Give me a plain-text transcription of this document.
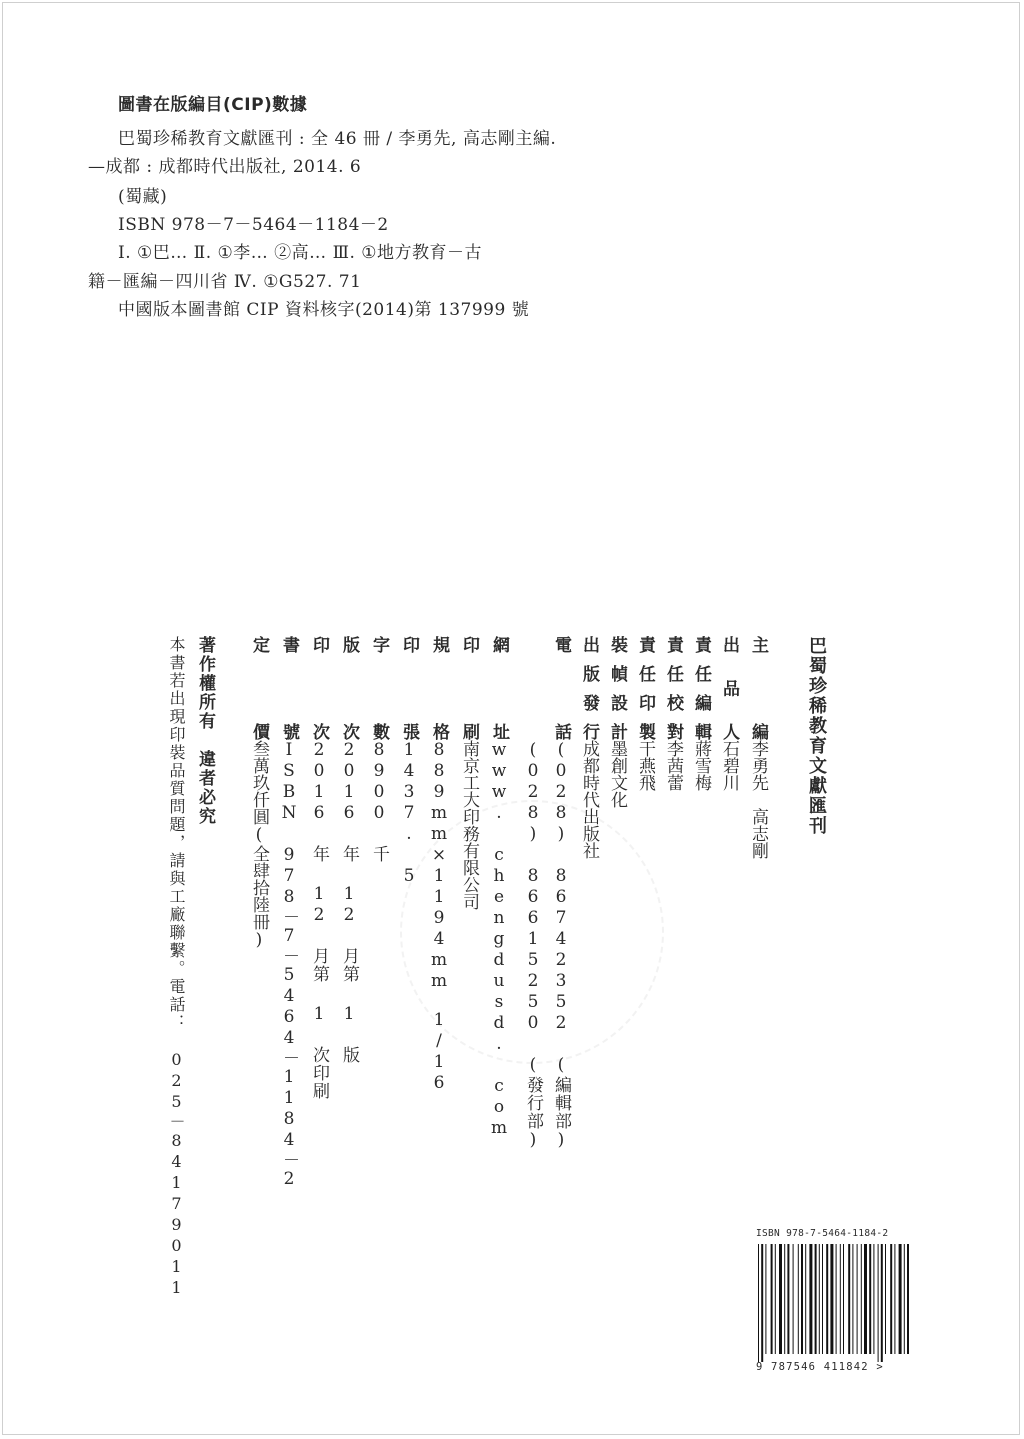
圖書在版編目(CIP)數據
巴蜀珍稀教育文獻匯刊 : 全 46 冊 / 李勇先, 高志剛主編.
—成都 : 成都時代出版社, 2014. 6
(蜀藏)
ISBN 978－7－5464－1184－2
Ⅰ. ①巴… Ⅱ. ①李… ②高… Ⅲ. ①地方教育－古
籍－匯編－四川省 Ⅳ. ①G527. 71
中國版本圖書館 CIP 資料核字(2014)第 137999 號
巴蜀珍稀教育文獻匯刊
主　　編李勇先　高志剛
出 品 人石碧川
責任編輯蔣雪梅
責任校對李茜蕾
責任印製干燕飛
裝幀設計墨創文化
出版發行成都時代出版社
電　　話(028) 86742352 (編輯部)
(028) 86615250 (發行部)
網　　址www. chengdusd. com
印　　刷南京工大印務有限公司
規　　格889mm×1194mm　1/16
印　　張1437. 5
字　　數8900 千
版　　次2016 年 12 月第 1 版
印　　次2016 年 12 月第 1 次印刷
書　　號ISBN 978－7－5464－1184－2
定　　價叁萬玖仟圓(全肆拾陸冊)
著作權所有　違者必究
本書若出現印裝品質問題，請與工廠聯繫。電話：　025－84179011	ISBN 978-7-5464-1184-2
9 787546 411842 >
